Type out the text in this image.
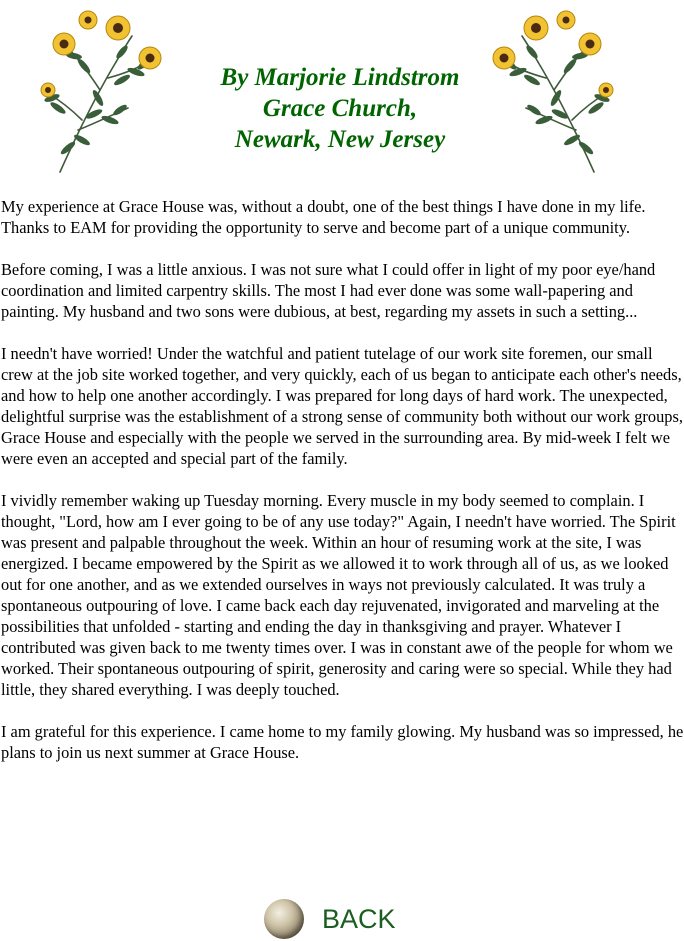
By Marjorie Lindstrom
Grace Church,
Newark, New Jersey

My experience at Grace House was, without a doubt, one of the best things I have done in my life. Thanks to EAM for providing the opportunity to serve and become part of a unique community.

Before coming, I was a little anxious. I was not sure what I could offer in light of my poor eye/hand coordination and limited carpentry skills. The most I had ever done was some wall-papering and painting. My husband and two sons were dubious, at best, regarding my assets in such a setting...

I needn't have worried! Under the watchful and patient tutelage of our work site foremen, our small crew at the job site worked together, and very quickly, each of us began to anticipate each other's needs, and how to help one another accordingly. I was prepared for long days of hard work. The unexpected, delightful surprise was the establishment of a strong sense of community both without our work groups, Grace House and especially with the people we served in the surrounding area. By mid-week I felt we were even an accepted and special part of the family.

I vividly remember waking up Tuesday morning. Every muscle in my body seemed to complain. I thought, "Lord, how am I ever going to be of any use today?" Again, I needn't have worried. The Spirit was present and palpable throughout the week. Within an hour of resuming work at the site, I was energized. I became empowered by the Spirit as we allowed it to work through all of us, as we looked out for one another, and as we extended ourselves in ways not previously calculated. It was truly a spontaneous outpouring of love. I came back each day rejuvenated, invigorated and marveling at the possibilities that unfolded - starting and ending the day in thanksgiving and prayer. Whatever I contributed was given back to me twenty times over. I was in constant awe of the people for whom we worked. Their spontaneous outpouring of spirit, generosity and caring were so special. While they had little, they shared everything. I was deeply touched.

I am grateful for this experience. I came home to my family glowing. My husband was so impressed, he plans to join us next summer at Grace House.

BACK
